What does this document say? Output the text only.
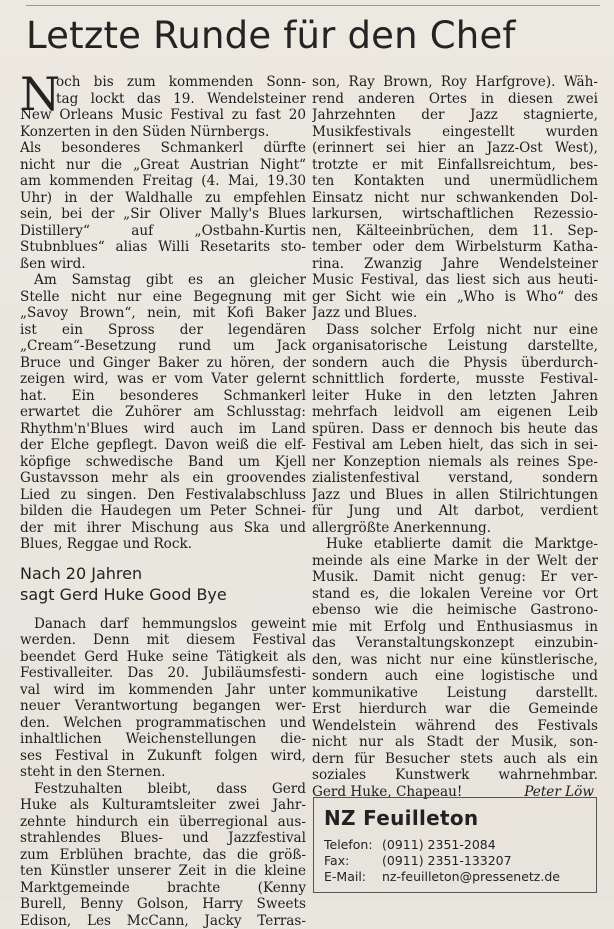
Letzte Runde für den Chef
N
och bis zum kommenden Sonn-
tag lockt das 19. Wendelsteiner
New Orleans Music Festival zu fast 20
Konzerten in den Süden Nürnbergs.
Als besonderes Schmankerl dürfte
nicht nur die „Great Austrian Night“
am kommenden Freitag (4. Mai, 19.30
Uhr) in der Waldhalle zu empfehlen
sein, bei der „Sir Oliver Mally's Blues
Distillery“ auf „Ostbahn-Kurtis
Stubnblues“ alias Willi Resetarits sto-
ßen wird.
Am Samstag gibt es an gleicher
Stelle nicht nur eine Begegnung mit
„Savoy Brown“, nein, mit Kofi Baker
ist ein Spross der legendären
„Cream“-Besetzung rund um Jack
Bruce und Ginger Baker zu hören, der
zeigen wird, was er vom Vater gelernt
hat. Ein besonderes Schmankerl
erwartet die Zuhörer am Schlusstag:
Rhythm'n'Blues wird auch im Land
der Elche gepflegt. Davon weiß die elf-
köpfige schwedische Band um Kjell
Gustavsson mehr als ein groovendes
Lied zu singen. Den Festivalabschluss
bilden die Haudegen um Peter Schnei-
der mit ihrer Mischung aus Ska und
Blues, Reggae und Rock.
Nach 20 Jahren
sagt Gerd Huke Good Bye
Danach darf hemmungslos geweint
werden. Denn mit diesem Festival
beendet Gerd Huke seine Tätigkeit als
Festivalleiter. Das 20. Jubiläumsfesti-
val wird im kommenden Jahr unter
neuer Verantwortung begangen wer-
den. Welchen programmatischen und
inhaltlichen Weichenstellungen die-
ses Festival in Zukunft folgen wird,
steht in den Sternen.
Festzuhalten bleibt, dass Gerd
Huke als Kulturamtsleiter zwei Jahr-
zehnte hindurch ein überregional aus-
strahlendes Blues- und Jazzfestival
zum Erblühen brachte, das die größ-
ten Künstler unserer Zeit in die kleine
Marktgemeinde brachte (Kenny
Burell, Benny Golson, Harry Sweets
Edison, Les McCann, Jacky Terras-
son, Ray Brown, Roy Harfgrove). Wäh-
rend anderen Ortes in diesen zwei
Jahrzehnten der Jazz stagnierte,
Musikfestivals eingestellt wurden
(erinnert sei hier an Jazz-Ost West),
trotzte er mit Einfallsreichtum, bes-
ten Kontakten und unermüdlichem
Einsatz nicht nur schwankenden Dol-
larkursen, wirtschaftlichen Rezessio-
nen, Kälteeinbrüchen, dem 11. Sep-
tember oder dem Wirbelsturm Katha-
rina. Zwanzig Jahre Wendelsteiner
Music Festival, das liest sich aus heuti-
ger Sicht wie ein „Who is Who“ des
Jazz und Blues.
Dass solcher Erfolg nicht nur eine
organisatorische Leistung darstellte,
sondern auch die Physis überdurch-
schnittlich forderte, musste Festival-
leiter Huke in den letzten Jahren
mehrfach leidvoll am eigenen Leib
spüren. Dass er dennoch bis heute das
Festival am Leben hielt, das sich in sei-
ner Konzeption niemals als reines Spe-
zialistenfestival verstand, sondern
Jazz und Blues in allen Stilrichtungen
für Jung und Alt darbot, verdient
allergrößte Anerkennung.
Huke etablierte damit die Marktge-
meinde als eine Marke in der Welt der
Musik. Damit nicht genug: Er ver-
stand es, die lokalen Vereine vor Ort
ebenso wie die heimische Gastrono-
mie mit Erfolg und Enthusiasmus in
das Veranstaltungskonzept einzubin-
den, was nicht nur eine künstlerische,
sondern auch eine logistische und
kommunikative Leistung darstellt.
Erst hierdurch war die Gemeinde
Wendelstein während des Festivals
nicht nur als Stadt der Musik, son-
dern für Besucher stets auch als ein
soziales Kunstwerk wahrnehmbar.
Gerd Huke, Chapeau!	Peter Löw
NZ Feuilleton
Telefon: (0911) 2351-2084
Fax:	(0911) 2351-133207
E-Mail:	nz-feuilleton@pressenetz.de
